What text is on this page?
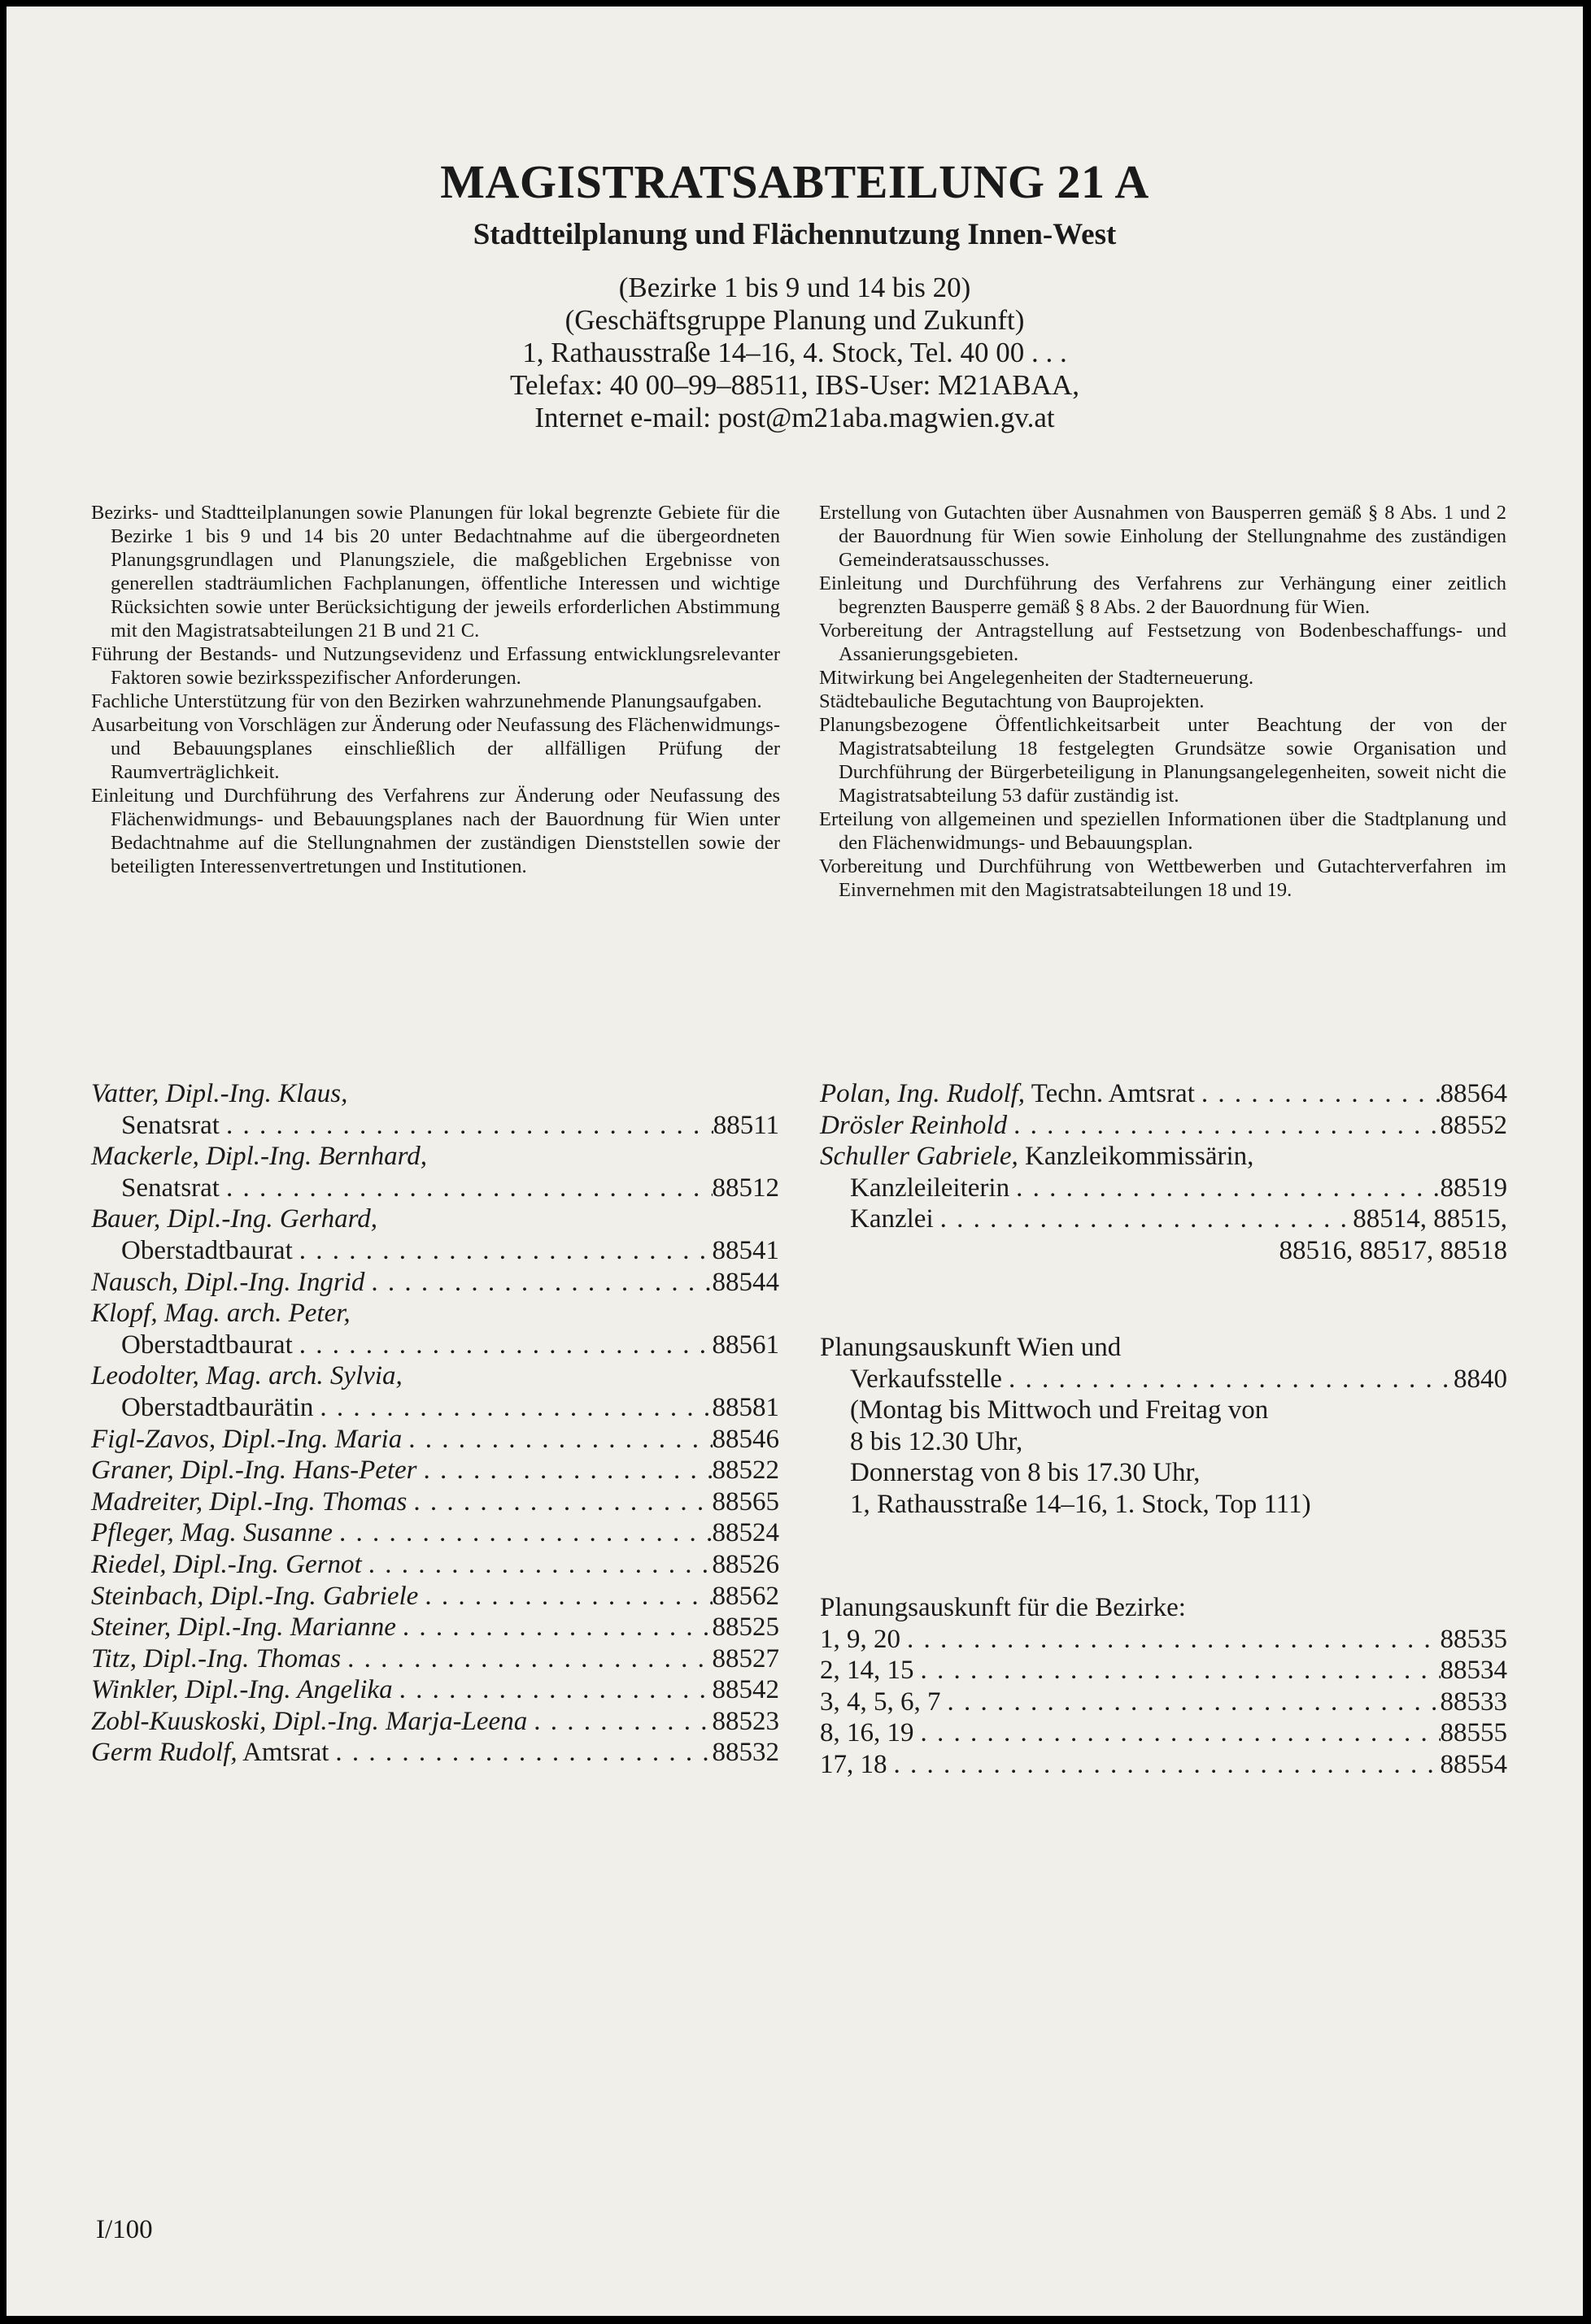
MAGISTRATSABTEILUNG 21 A
Stadtteilplanung und Flächennutzung Innen-West
(Bezirke 1 bis 9 und 14 bis 20)
(Geschäftsgruppe Planung und Zukunft)
1, Rathausstraße 14–16, 4. Stock, Tel. 40 00 . . .
Telefax: 40 00–99–88511, IBS-User: M21ABAA,
Internet e-mail: post@m21aba.magwien.gv.at

Bezirks- und Stadtteilplanungen sowie Planungen für lokal begrenzte Gebiete für die Bezirke 1 bis 9 und 14 bis 20 unter Bedachtnahme auf die übergeordneten Planungsgrundlagen und Planungsziele, die maßgeblichen Ergebnisse von generellen stadträumlichen Fachplanungen, öffentliche Interessen und wichtige Rücksichten sowie unter Berücksichtigung der jeweils erforderlichen Abstimmung mit den Magistratsabteilungen 21 B und 21 C.

Führung der Bestands- und Nutzungsevidenz und Erfassung entwicklungsrelevanter Faktoren sowie bezirksspezifischer Anforderungen.

Fachliche Unterstützung für von den Bezirken wahrzunehmende Planungsaufgaben.

Ausarbeitung von Vorschlägen zur Änderung oder Neufassung des Flächenwidmungs- und Bebauungsplanes einschließlich der allfälligen Prüfung der Raumverträglichkeit.

Einleitung und Durchführung des Verfahrens zur Änderung oder Neufassung des Flächenwidmungs- und Bebauungsplanes nach der Bauordnung für Wien unter Bedachtnahme auf die Stellungnahmen der zuständigen Dienststellen sowie der beteiligten Interessenvertretungen und Institutionen.

Erstellung von Gutachten über Ausnahmen von Bausperren gemäß § 8 Abs. 1 und 2 der Bauordnung für Wien sowie Einholung der Stellungnahme des zuständigen Gemeinderatsausschusses.

Einleitung und Durchführung des Verfahrens zur Verhängung einer zeitlich begrenzten Bausperre gemäß § 8 Abs. 2 der Bauordnung für Wien.

Vorbereitung der Antragstellung auf Festsetzung von Bodenbeschaffungs- und Assanierungsgebieten.

Mitwirkung bei Angelegenheiten der Stadterneuerung.

Städtebauliche Begutachtung von Bauprojekten.

Planungsbezogene Öffentlichkeitsarbeit unter Beachtung der von der Magistratsabteilung 18 festgelegten Grundsätze sowie Organisation und Durchführung der Bürgerbeteiligung in Planungsangelegenheiten, soweit nicht die Magistratsabteilung 53 dafür zuständig ist.

Erteilung von allgemeinen und speziellen Informationen über die Stadtplanung und den Flächenwidmungs- und Bebauungsplan.

Vorbereitung und Durchführung von Wettbewerben und Gutachterverfahren im Einvernehmen mit den Magistratsabteilungen 18 und 19.

Vatter, Dipl.-Ing. Klaus,
Senatsrat . . .	88511
Mackerle, Dipl.-Ing. Bernhard,
Senatsrat . . .	88512
Bauer, Dipl.-Ing. Gerhard,
Oberstadtbaurat . . .	88541
Nausch, Dipl.-Ing. Ingrid . . .	88544
Klopf, Mag. arch. Peter,
Oberstadtbaurat . . .	88561
Leodolter, Mag. arch. Sylvia,
Oberstadtbaurätin . . .	88581
Figl-Zavos, Dipl.-Ing. Maria . . .	88546
Graner, Dipl.-Ing. Hans-Peter . . .	88522
Madreiter, Dipl.-Ing. Thomas . . .	88565
Pfleger, Mag. Susanne . . .	88524
Riedel, Dipl.-Ing. Gernot . . .	88526
Steinbach, Dipl.-Ing. Gabriele . . .	88562
Steiner, Dipl.-Ing. Marianne . . .	88525
Titz, Dipl.-Ing. Thomas . . .	88527
Winkler, Dipl.-Ing. Angelika . . .	88542
Zobl-Kuuskoski, Dipl.-Ing. Marja-Leena . . .	88523
Germ Rudolf, Amtsrat . . .	88532
Polan, Ing. Rudolf, Techn. Amtsrat . . .	88564
Drösler Reinhold . . .	88552
Schuller Gabriele, Kanzleikommissärin,
Kanzleileiterin . . .	88519
Kanzlei . . .	88514, 88515,
88516, 88517, 88518
Planungsauskunft Wien und
Verkaufsstelle . . .	8840
(Montag bis Mittwoch und Freitag von
8 bis 12.30 Uhr,
Donnerstag von 8 bis 17.30 Uhr,
1, Rathausstraße 14–16, 1. Stock, Top 111)
Planungsauskunft für die Bezirke:
1, 9, 20 . . .	88535
2, 14, 15 . . .	88534
3, 4, 5, 6, 7 . . .	88533
8, 16, 19 . . .	88555
17, 18 . . .	88554
I/100
